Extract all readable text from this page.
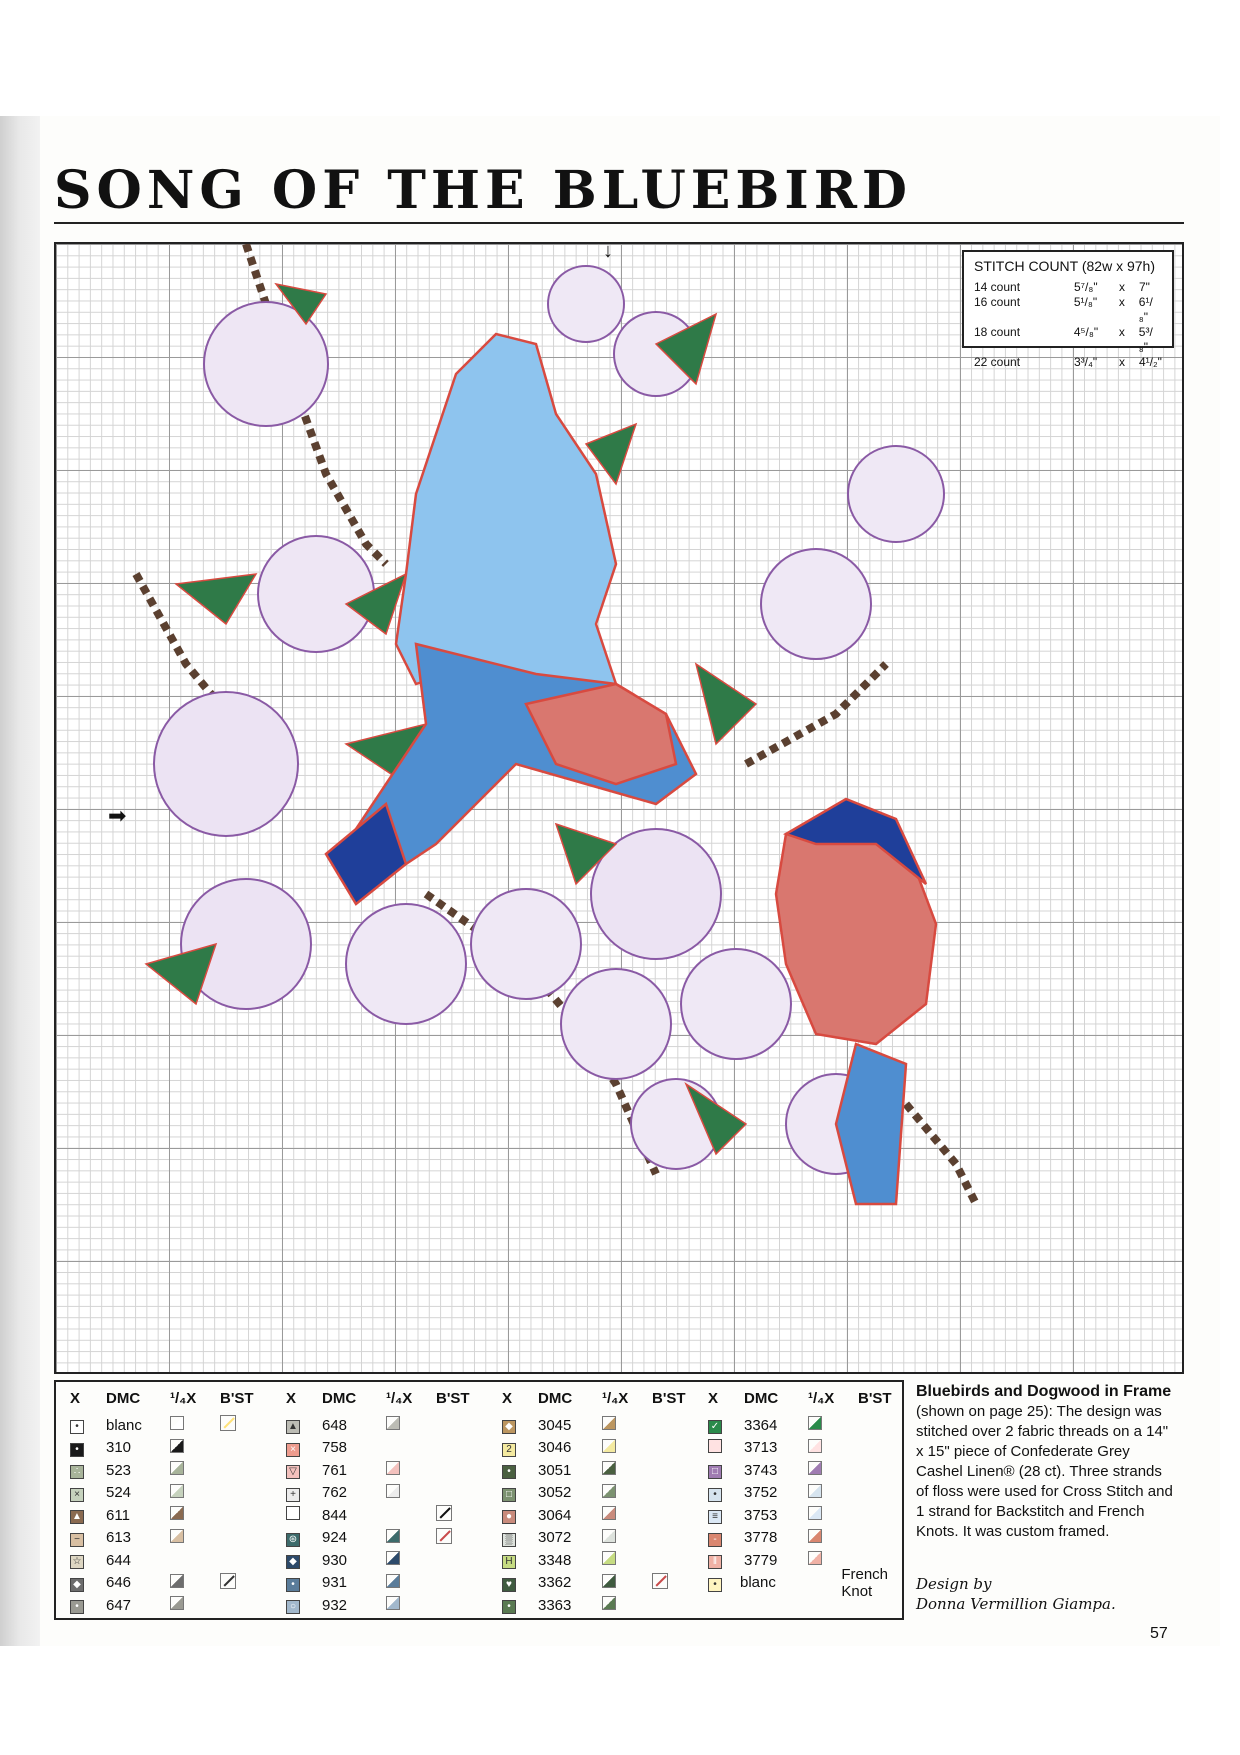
SONG OF THE BLUEBIRD
STITCH COUNT (82w x 97h)
14 count	5⁷/₈"	x	7"
16 count	5¹/₈"	x	6¹/₈"
18 count	4⁵/₈"	x	5³/₈"
22 count	3³/₄"	x	4¹/₂"
↓
➡
X	DMC	¹/₄X	B'ST
•	blanc
•	310
∴	523
×	524
▲	611
−	613
☆	644
◆	646
•	647
X	DMC	¹/₄X	B'ST
▲	648
×	758
▽	761
+	762
844
⊛	924
◆	930
•	931
○	932
X	DMC	¹/₄X	B'ST
◆	3045
2	3046
•	3051
□	3052
●	3064
▒	3072
H	3348
♥	3362
•	3363
X	DMC	¹/₄X	B'ST
✓	3364
3713
□	3743
•	3752
≡	3753
-	3778
‖	3779
•	blanc	French Knot
Bluebirds and Dogwood in Frame
(shown on page 25): The design was stitched over 2 fabric threads on a 14" x 15" piece of Confederate Grey Cashel Linen® (28 ct). Three strands of floss were used for Cross Stitch and 1 strand for Backstitch and French Knots. It was custom framed.
Design by
Donna Vermillion Giampa.
57
